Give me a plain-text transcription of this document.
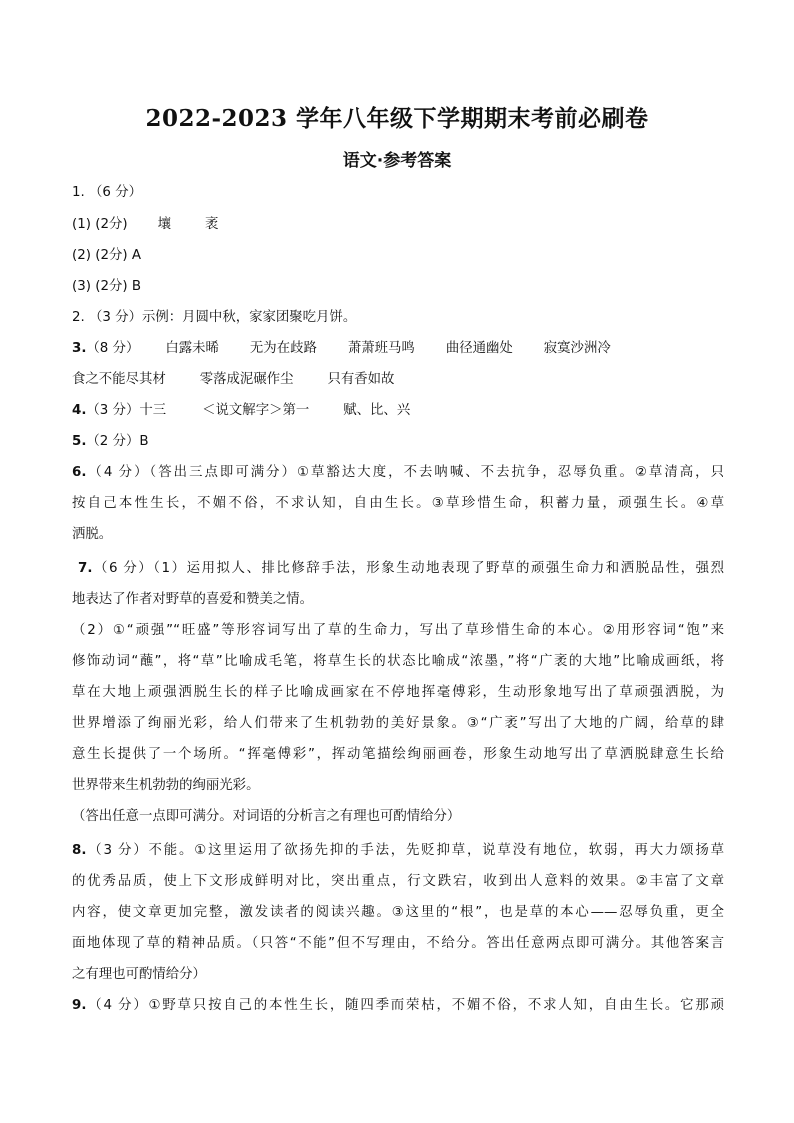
2022-2023 学年八年级下学期期末考前必刷卷
语文·参考答案
1. （6 分）
(1) (2分) 壤	袤
(2) (2分) A
(3) (2分) B
2. （3 分）示例：月圆中秋，家家团聚吃月饼。
3.（8 分） 白露未晞 无为在歧路 萧萧班马鸣 曲径通幽处 寂寞沙洲冷
食之不能尽其材	零落成泥碾作尘	只有香如故
4.（3 分）十三	＜说文解字＞第一	赋、比、兴
5.（2 分）B
6.（4 分）（答出三点即可满分）①草豁达大度，不去呐喊、不去抗争，忍辱负重。②草清高，只
按自己本性生长，不媚不俗，不求认知，自由生长。③草珍惜生命，积蓄力量，顽强生长。④草
洒脱。
7.（6 分）（1）运用拟人、排比修辞手法，形象生动地表现了野草的顽强生命力和洒脱品性，强烈
地表达了作者对野草的喜爱和赞美之情。
（2）①“顽强”“旺盛”等形容词写出了草的生命力，写出了草珍惜生命的本心。②用形容词“饱”来
修饰动词“蘸”，将“草”比喻成毛笔，将草生长的状态比喻成“浓墨，”将“广袤的大地”比喻成画纸，将
草在大地上顽强洒脱生长的样子比喻成画家在不停地挥毫傅彩，生动形象地写出了草顽强洒脱，为
世界增添了绚丽光彩，给人们带来了生机勃勃的美好景象。③“广袤”写出了大地的广阔，给草的肆
意生长提供了一个场所。“挥毫傅彩”，挥动笔描绘绚丽画卷，形象生动地写出了草洒脱肆意生长给
世界带来生机勃勃的绚丽光彩。
（答出任意一点即可满分。对词语的分析言之有理也可酌情给分）
8.（3 分）不能。①这里运用了欲扬先抑的手法，先贬抑草，说草没有地位，软弱，再大力颂扬草
的优秀品质，使上下文形成鲜明对比，突出重点，行文跌宕，收到出人意料的效果。②丰富了文章
内容，使文章更加完整，激发读者的阅读兴趣。③这里的“根”，也是草的本心——忍辱负重，更全
面地体现了草的精神品质。（只答“不能”但不写理由，不给分。答出任意两点即可满分。其他答案言
之有理也可酌情给分）
9.（4 分）①野草只按自己的本性生长，随四季而荣枯，不媚不俗，不求人知，自由生长。它那顽
